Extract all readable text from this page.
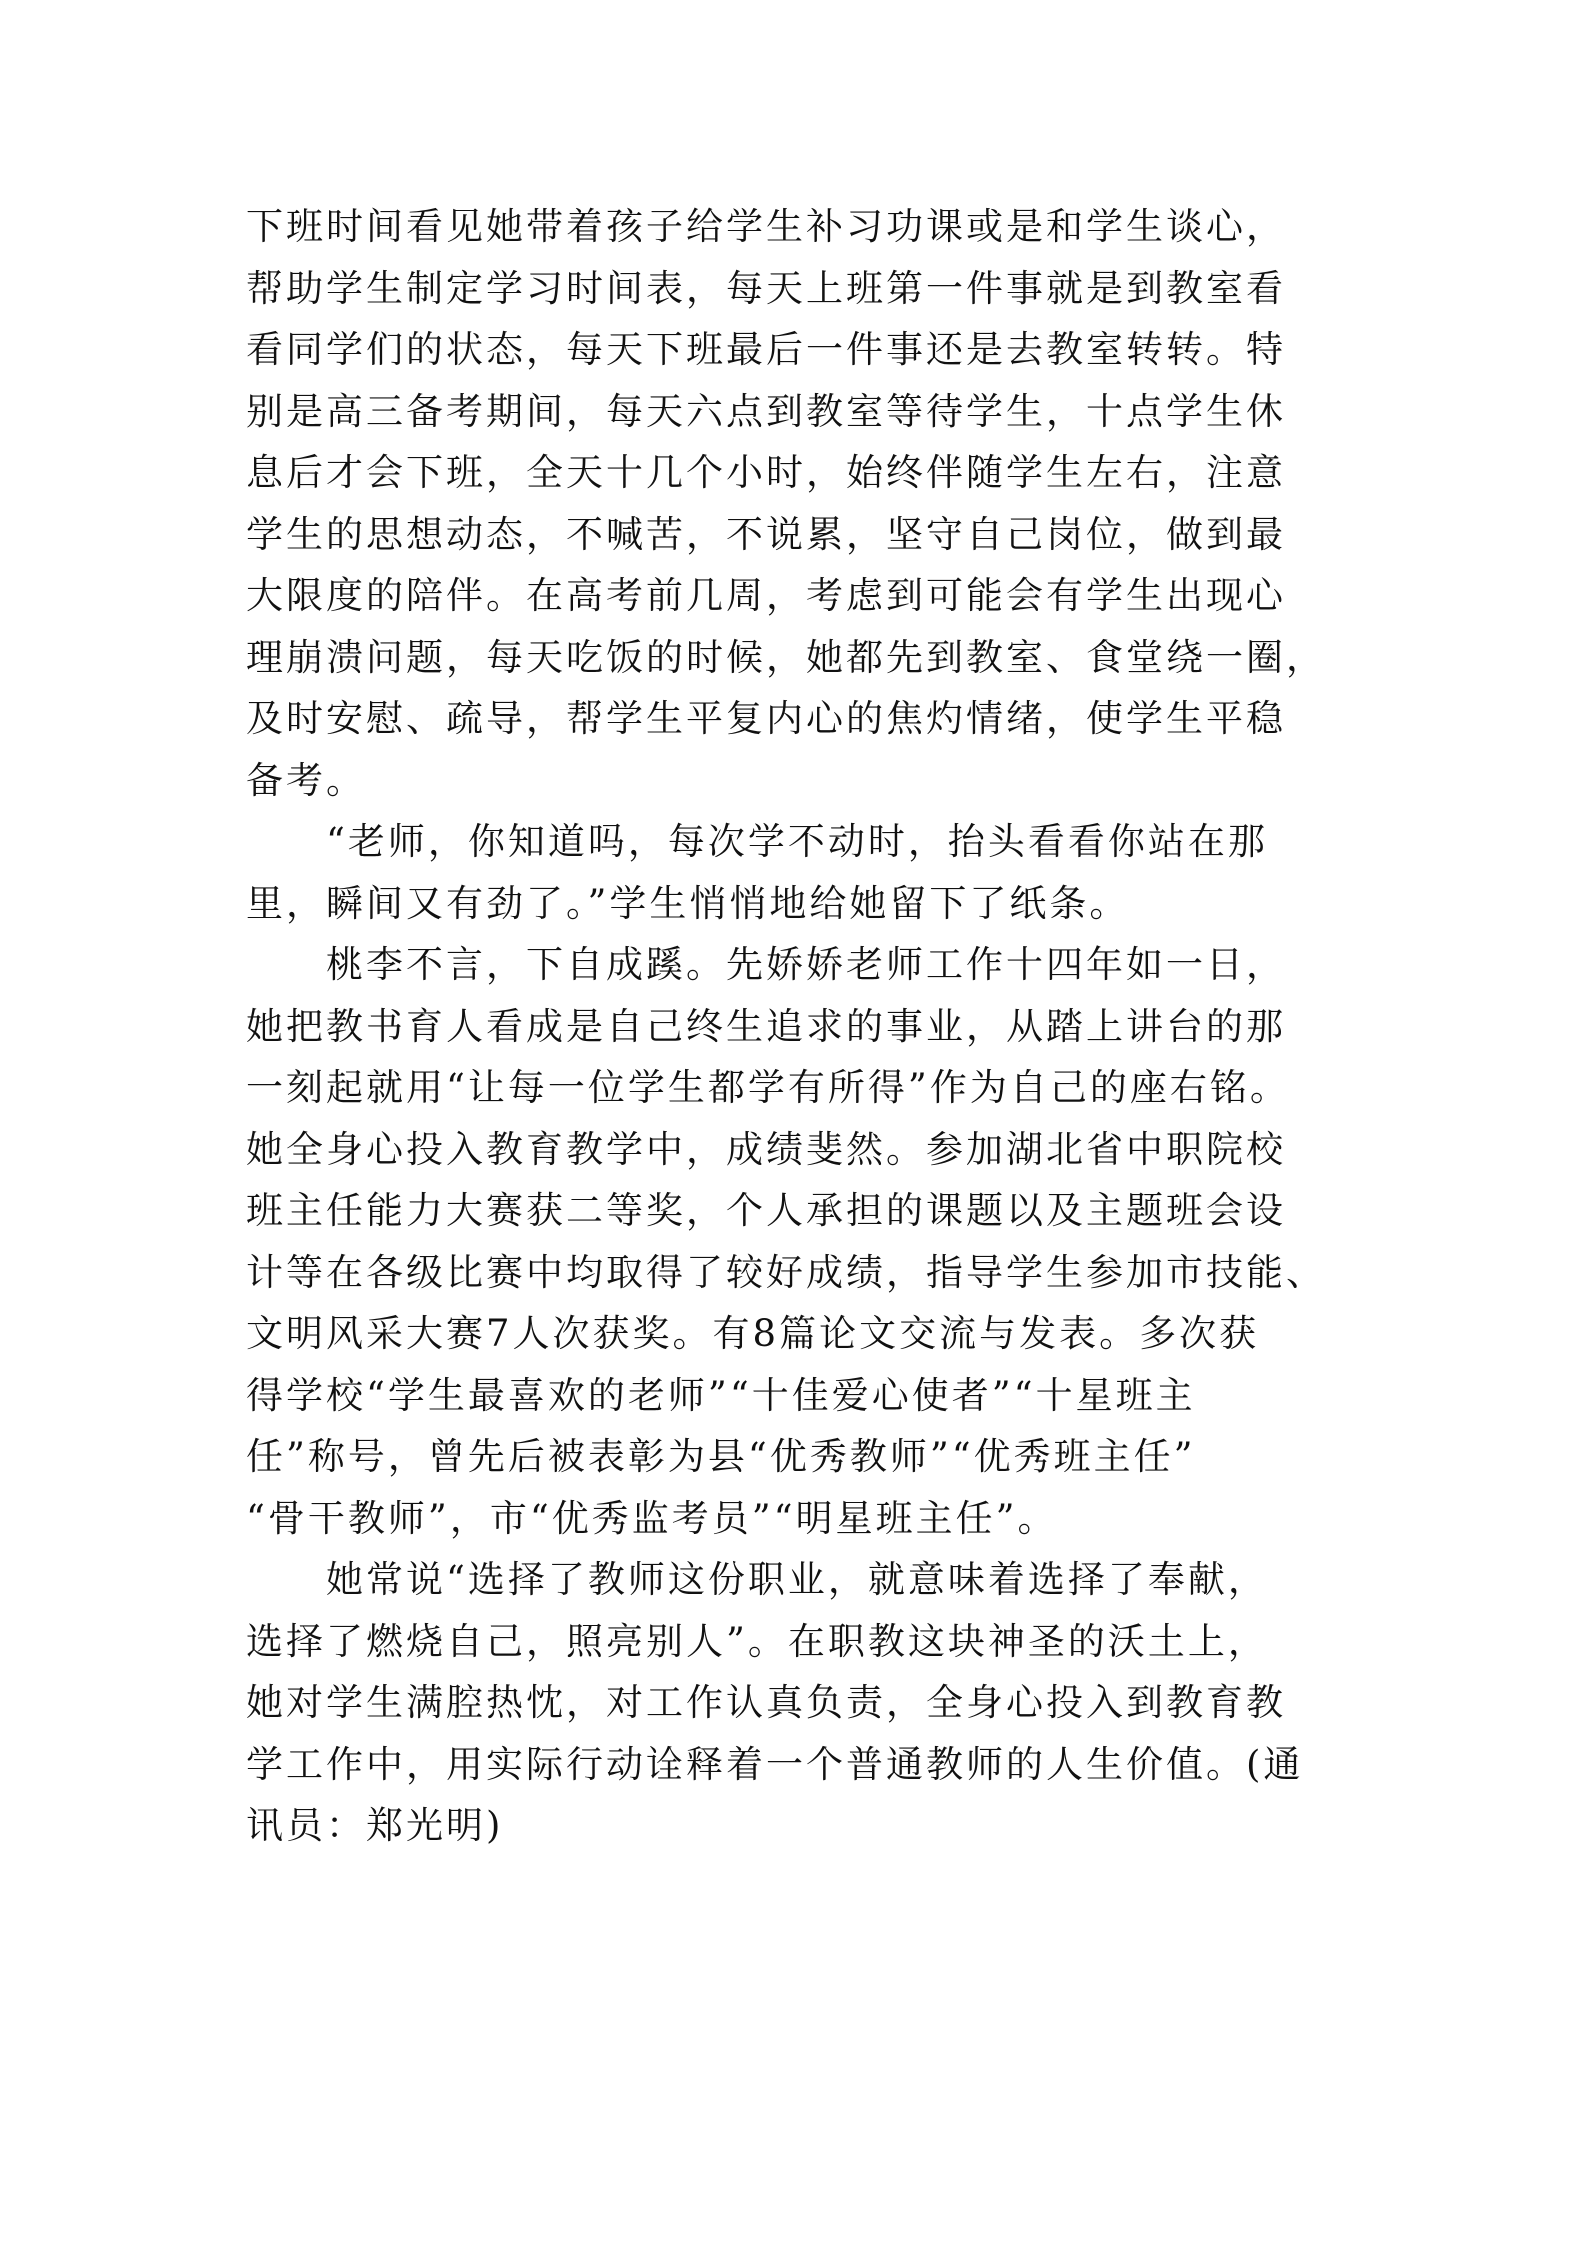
下班时间看见她带着孩子给学生补习功课或是和学生谈心，
帮助学生制定学习时间表，每天上班第一件事就是到教室看
看同学们的状态，每天下班最后一件事还是去教室转转。特
别是高三备考期间，每天六点到教室等待学生，十点学生休
息后才会下班，全天十几个小时，始终伴随学生左右，注意
学生的思想动态，不喊苦，不说累，坚守自己岗位，做到最
大限度的陪伴。在高考前几周，考虑到可能会有学生出现心
理崩溃问题，每天吃饭的时候，她都先到教室、食堂绕一圈，
及时安慰、疏导，帮学生平复内心的焦灼情绪，使学生平稳
备考。
“老师，你知道吗，每次学不动时，抬头看看你站在那
里，瞬间又有劲了。”学生悄悄地给她留下了纸条。
桃李不言，下自成蹊。先娇娇老师工作十四年如一日，
她把教书育人看成是自己终生追求的事业，从踏上讲台的那
一刻起就用“让每一位学生都学有所得”作为自己的座右铭。
她全身心投入教育教学中，成绩斐然。参加湖北省中职院校
班主任能力大赛获二等奖，个人承担的课题以及主题班会设
计等在各级比赛中均取得了较好成绩，指导学生参加市技能、
文明风采大赛7人次获奖。有8篇论文交流与发表。多次获
得学校“学生最喜欢的老师”“十佳爱心使者”“十星班主
任”称号，曾先后被表彰为县“优秀教师”“优秀班主任”
“骨干教师”，市“优秀监考员”“明星班主任”。
她常说“选择了教师这份职业，就意味着选择了奉献，
选择了燃烧自己，照亮别人”。在职教这块神圣的沃土上，
她对学生满腔热忱，对工作认真负责，全身心投入到教育教
学工作中，用实际行动诠释着一个普通教师的人生价值。(通
讯员：郑光明)
